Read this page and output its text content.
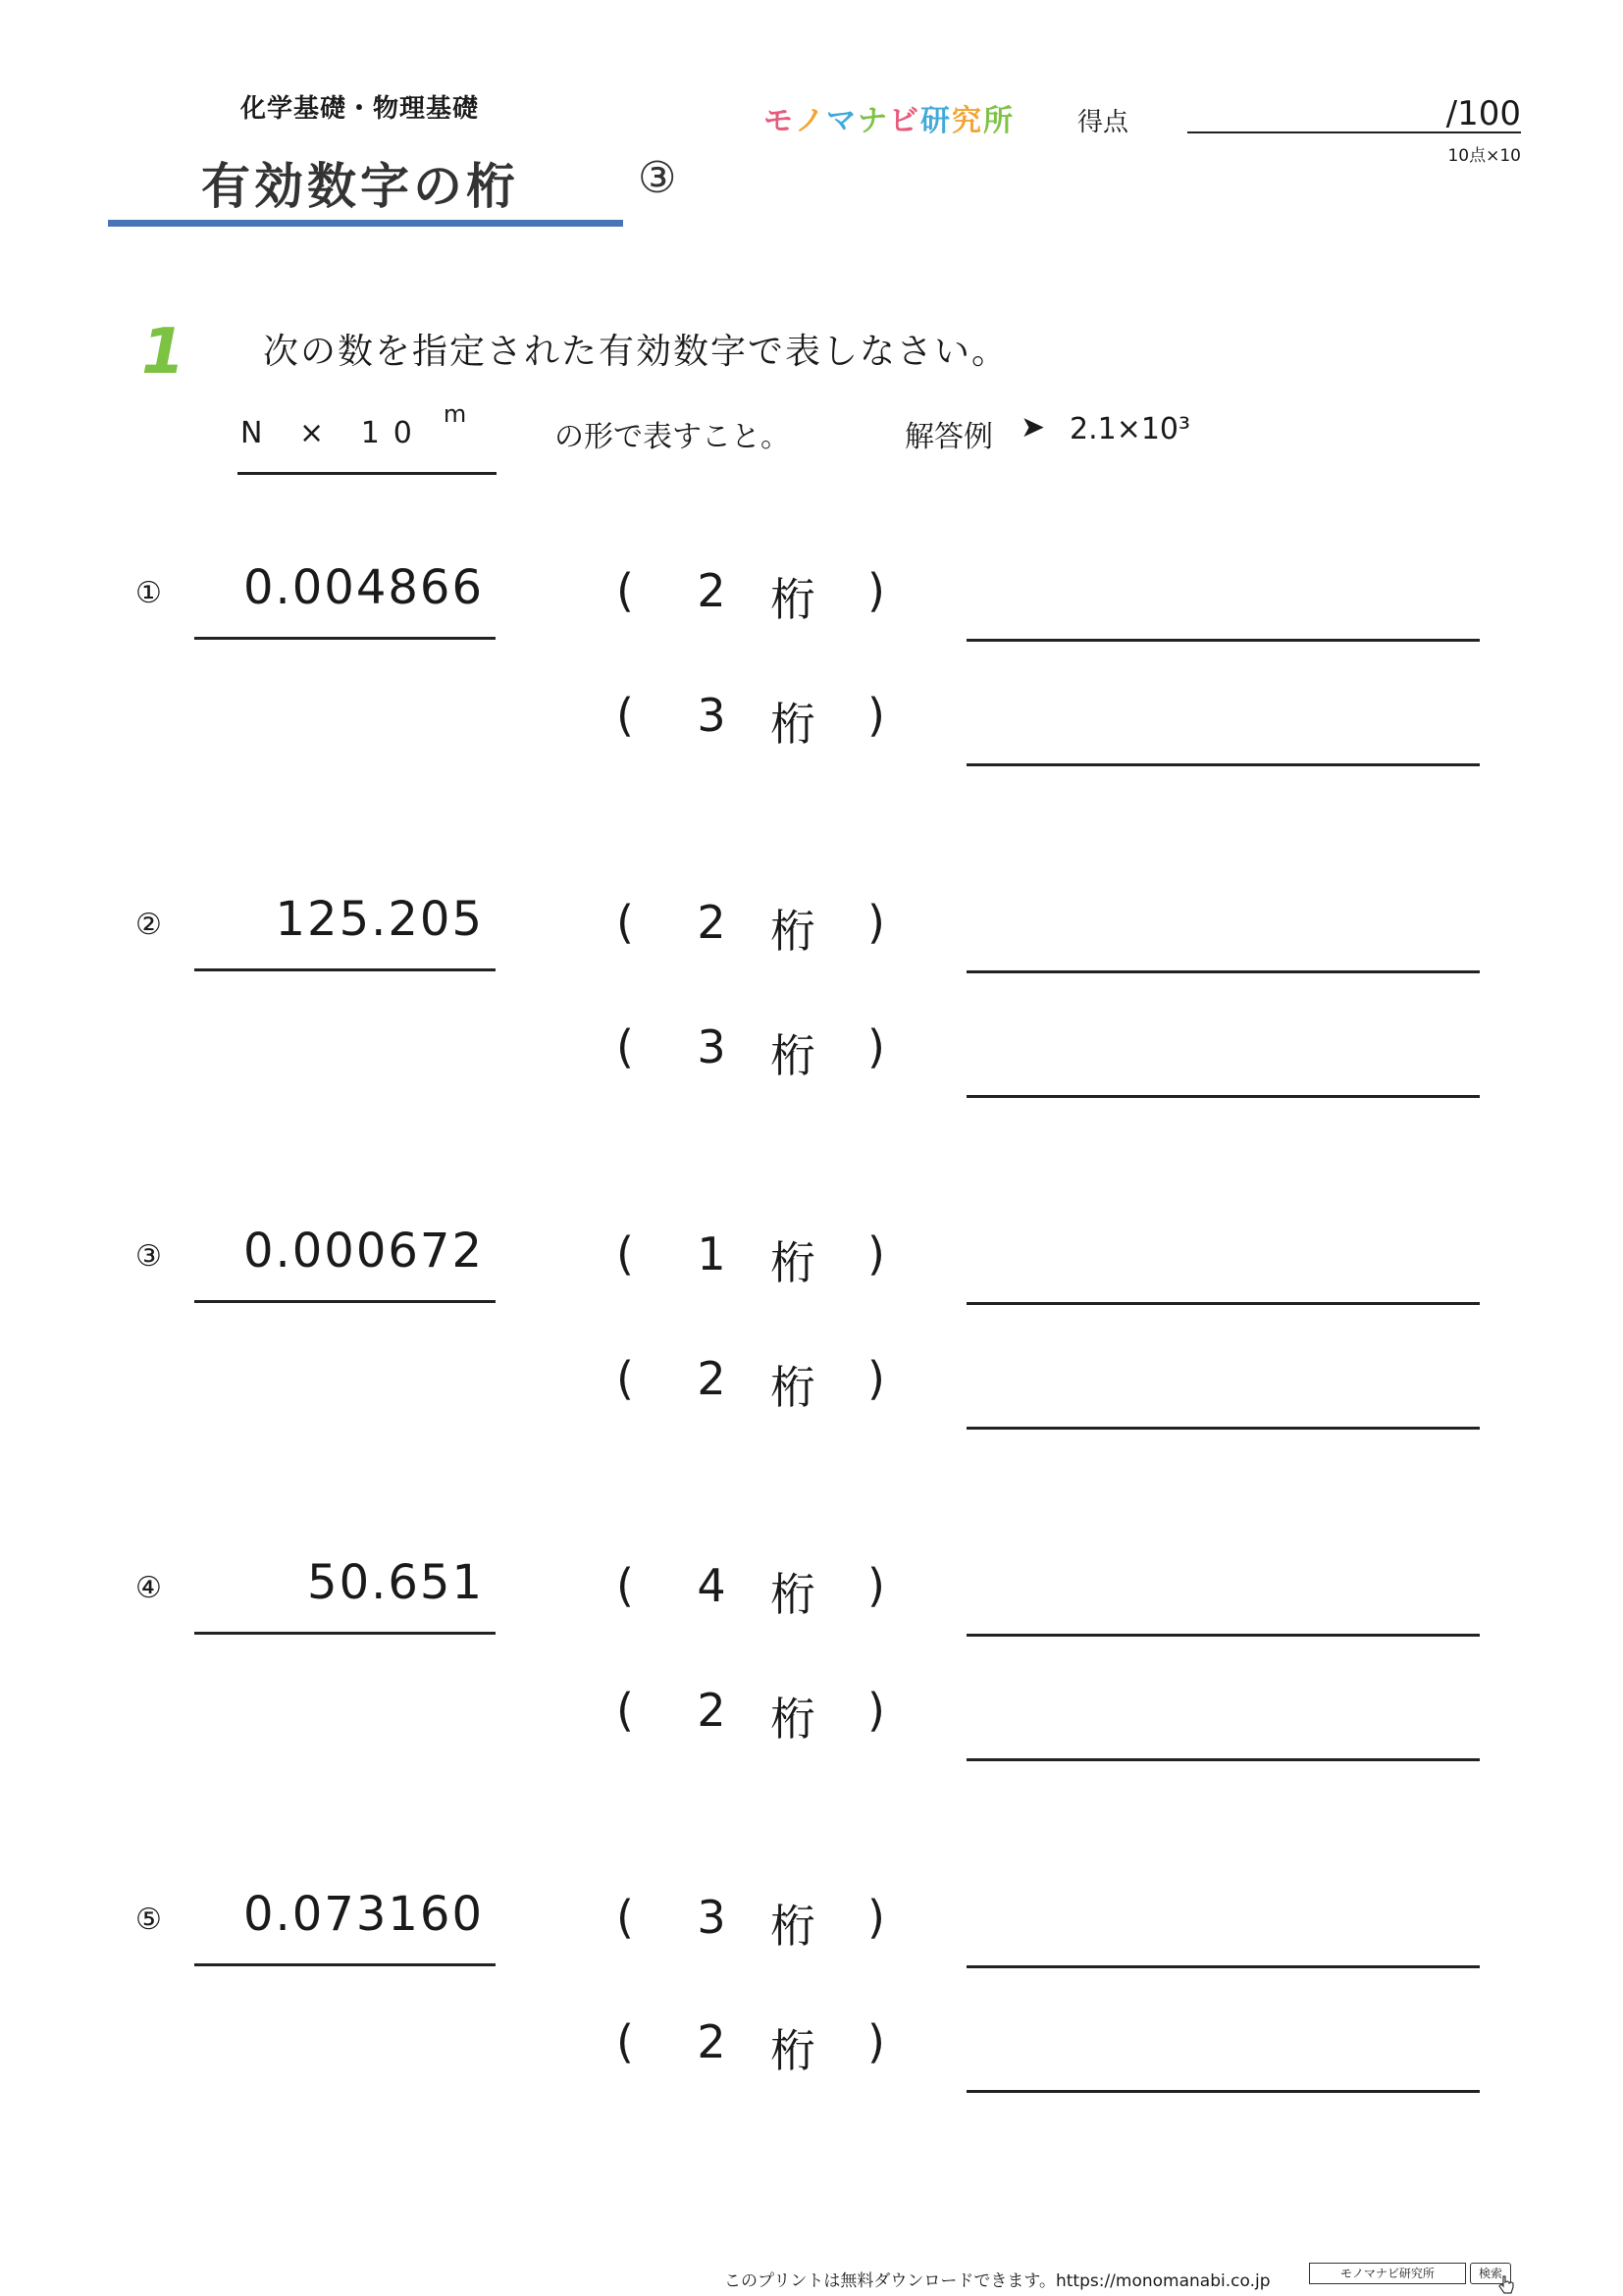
化学基礎・物理基礎
有効数字の桁	③
モノマナビ研究所 得点	/100
10点×10
1 次の数を指定された有効数字で表しなさい。
$N \times 10^m$
の形で表すこと。	解答例 ➤ 2.1×10³
①	0.004866	(	2 桁 )
(	3 桁 )
②	125.205	(	2 桁 )
(	3 桁 )
③	0.000672	(	1 桁 )
(	2 桁 )
④	50.651	(	4 桁 )
(	2 桁 )
⑤	0.073160	(	3 桁 )
(	2 桁 )
このプリントは無料ダウンロードできます。https://monomanabi.co.jp	モノマナビ研究所	検索
